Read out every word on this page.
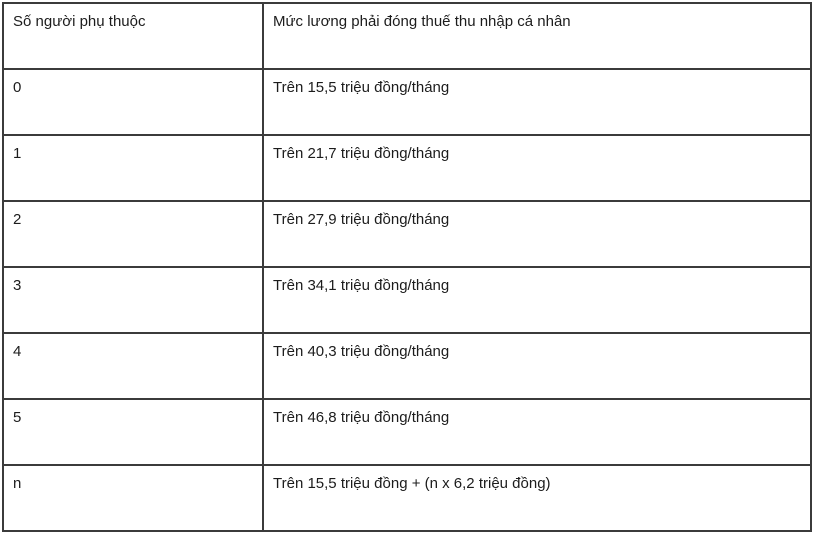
Số người phụ thuộc	Mức lương phải đóng thuế thu nhập cá nhân
0	Trên 15,5 triệu đồng/tháng
1	Trên 21,7 triệu đồng/tháng
2	Trên 27,9 triệu đồng/tháng
3	Trên 34,1 triệu đồng/tháng
4	Trên 40,3 triệu đồng/tháng
5	Trên 46,8 triệu đồng/tháng
n	Trên 15,5 triệu đồng + (n x 6,2 triệu đồng)
